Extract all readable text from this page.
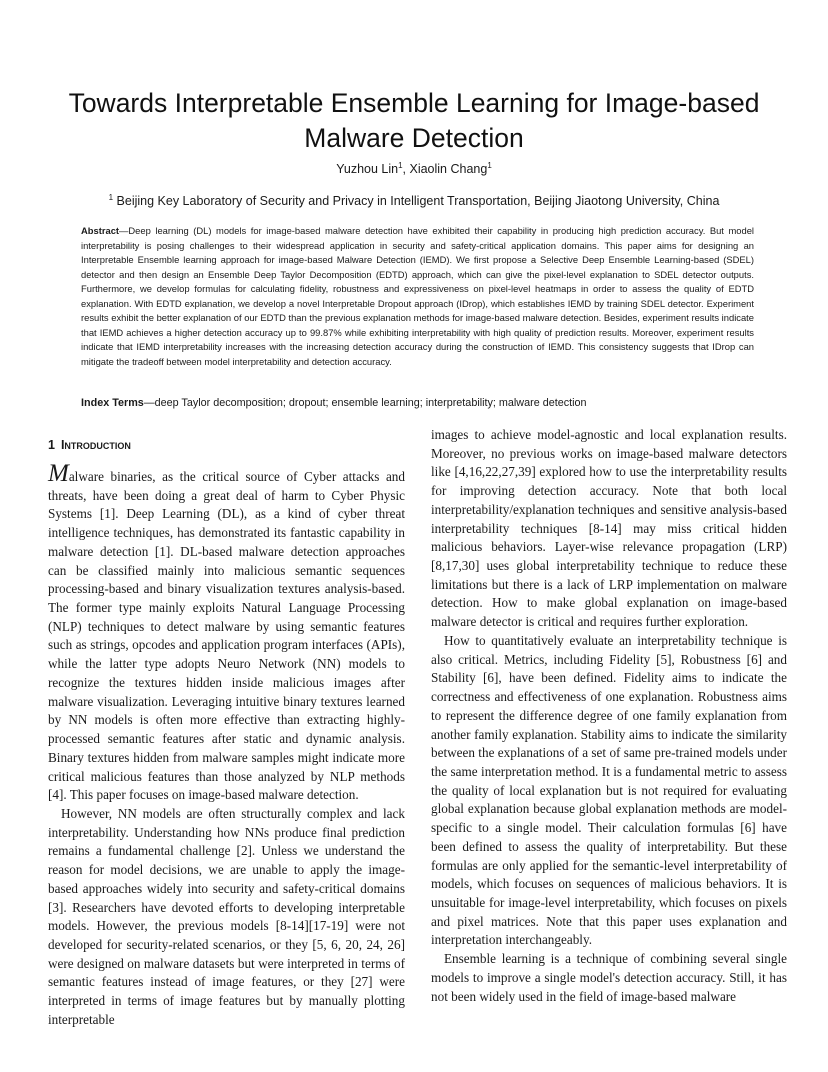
Towards Interpretable Ensemble Learning for Image-based Malware Detection
Yuzhou Lin$^1$, Xiaolin Chang$^1$
$^1$ Beijing Key Laboratory of Security and Privacy in Intelligent Transportation, Beijing Jiaotong University, China
Abstract—Deep learning (DL) models for image-based malware detection have exhibited their capability in producing high prediction accuracy. But model interpretability is posing challenges to their widespread application in security and safety-critical application domains. This paper aims for designing an Interpretable Ensemble learning approach for image-based Malware Detection (IEMD). We first propose a Selective Deep Ensemble Learning-based (SDEL) detector and then design an Ensemble Deep Taylor Decomposition (EDTD) approach, which can give the pixel-level explanation to SDEL detector outputs. Furthermore, we develop formulas for calculating fidelity, robustness and expressiveness on pixel-level heatmaps in order to assess the quality of EDTD explanation. With EDTD explanation, we develop a novel Interpretable Dropout approach (IDrop), which establishes IEMD by training SDEL detector. Experiment results exhibit the better explanation of our EDTD than the previous explanation methods for image-based malware detection. Besides, experiment results indicate that IEMD achieves a higher detection accuracy up to 99.87% while exhibiting interpretability with high quality of prediction results. Moreover, experiment results indicate that IEMD interpretability increases with the increasing detection accuracy during the construction of IEMD. This consistency suggests that IDrop can mitigate the tradeoff between model interpretability and detection accuracy.
Index Terms—deep Taylor decomposition; dropout; ensemble learning; interpretability; malware detection
1 Introduction

Malware binaries, as the critical source of Cyber attacks and threats, have been doing a great deal of harm to Cyber Physic Systems [1]. Deep Learning (DL), as a kind of cyber threat intelligence techniques, has demonstrated its fantastic capability in malware detection [1]. DL-based malware detection approaches can be classified mainly into malicious semantic sequences processing-based and binary visualization textures analysis-based. The former type mainly exploits Natural Language Processing (NLP) techniques to detect malware by using semantic features such as strings, opcodes and application program interfaces (APIs), while the latter type adopts Neuro Network (NN) models to recognize the textures hidden inside malicious images after malware visualization. Leveraging intuitive binary textures learned by NN models is often more effective than extracting highly-processed semantic features after static and dynamic analysis. Binary textures hidden from malware samples might indicate more critical malicious features than those analyzed by NLP methods [4]. This paper focuses on image-based malware detection.

However, NN models are often structurally complex and lack interpretability. Understanding how NNs produce final prediction remains a fundamental challenge [2]. Unless we understand the reason for model decisions, we are unable to apply the image-based approaches widely into security and safety-critical domains [3]. Researchers have devoted efforts to developing interpretable models. However, the previous models [8-14][17-19] were not developed for security-related scenarios, or they [5, 6, 20, 24, 26] were designed on malware datasets but were interpreted in terms of semantic features instead of image features, or they [27] were interpreted in terms of image features but by manually plotting interpretable

images to achieve model-agnostic and local explanation results. Moreover, no previous works on image-based malware detectors like [4,16,22,27,39] explored how to use the interpretability results for improving detection accuracy. Note that both local interpretability/explanation techniques and sensitive analysis-based interpretability techniques [8-14] may miss critical hidden malicious behaviors. Layer-wise relevance propagation (LRP) [8,17,30] uses global interpretability technique to reduce these limitations but there is a lack of LRP implementation on malware detection. How to make global explanation on image-based malware detector is critical and requires further exploration.

How to quantitatively evaluate an interpretability technique is also critical. Metrics, including Fidelity [5], Robustness [6] and Stability [6], have been defined. Fidelity aims to indicate the correctness and effectiveness of one explanation. Robustness aims to represent the difference degree of one family explanation from another family explanation. Stability aims to indicate the similarity between the explanations of a set of same pre-trained models under the same interpretation method. It is a fundamental metric to assess the quality of local explanation but is not required for evaluating global explanation because global explanation methods are model-specific to a single model. Their calculation formulas [6] have been defined to assess the quality of interpretability. But these formulas are only applied for the semantic-level interpretability of models, which focuses on sequences of malicious behaviors. It is unsuitable for image-level interpretability, which focuses on pixels and pixel matrices. Note that this paper uses explanation and interpretation interchangeably.

Ensemble learning is a technique of combining several single models to improve a single model's detection accuracy. Still, it has not been widely used in the field of image-based malware
